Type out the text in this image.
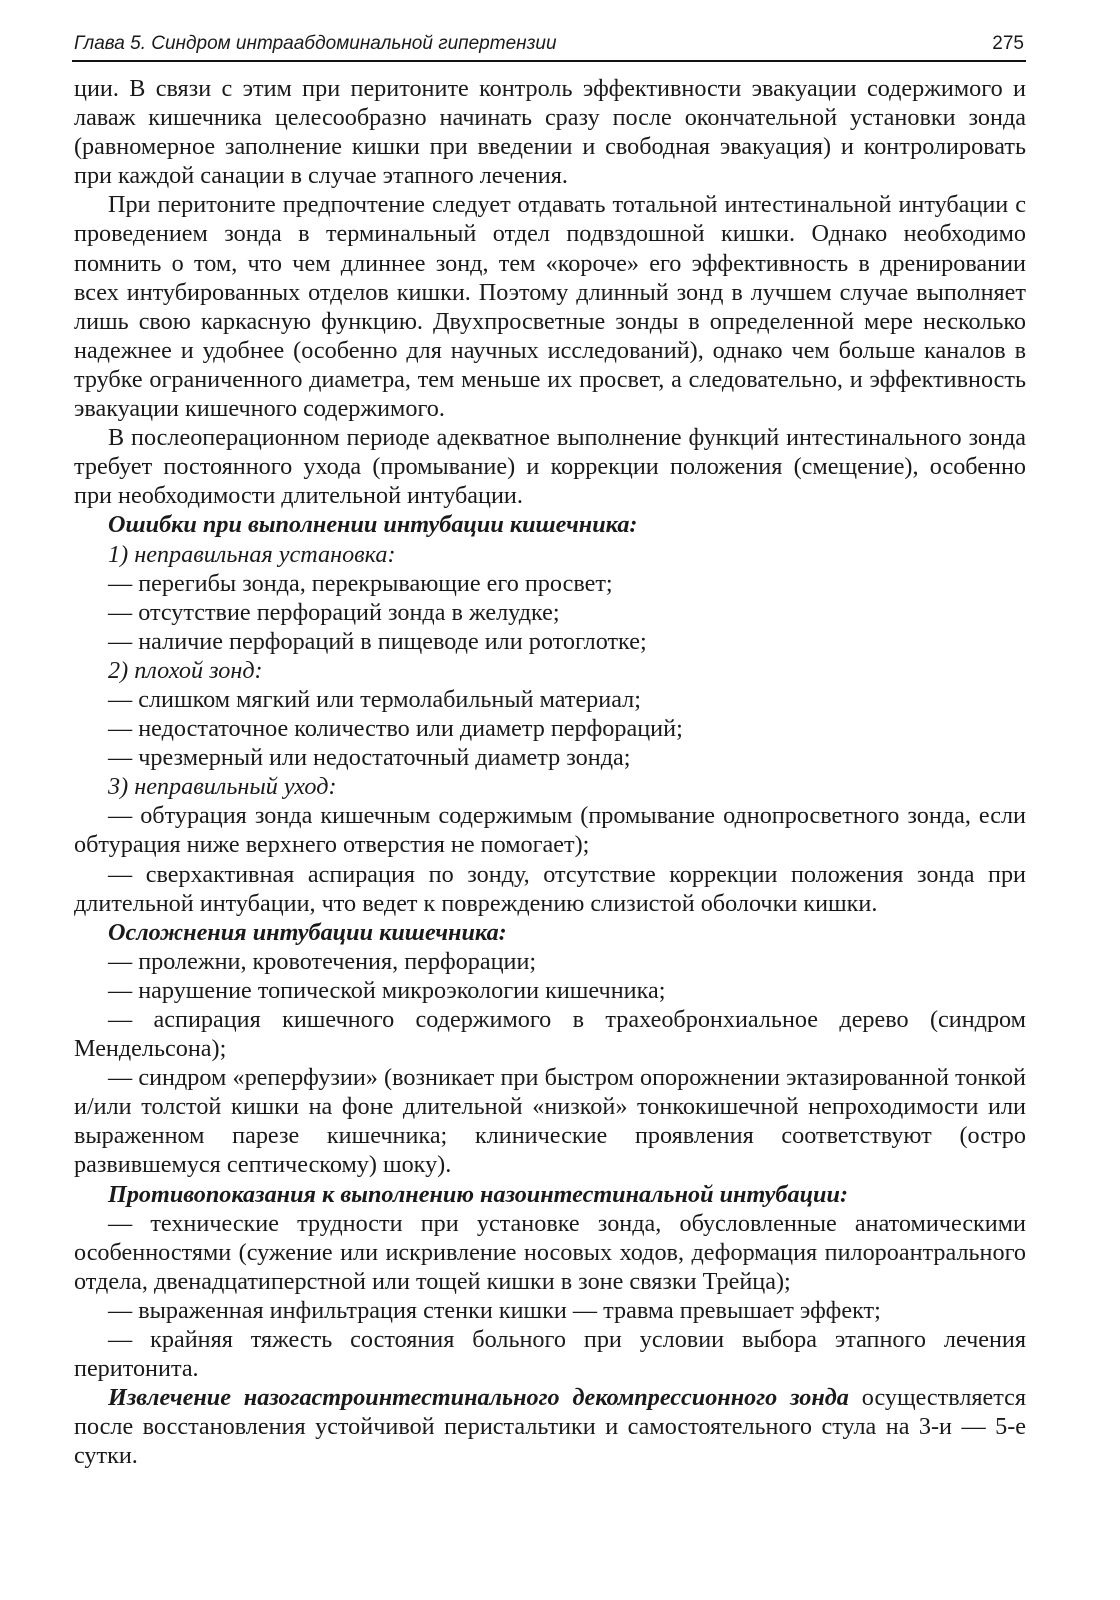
Глава 5. Синдром интраабдоминальной гипертензии	275

ции. В связи с этим при перитоните контроль эффективности эвакуации содержимого и лаваж кишечника целесообразно начинать сразу после окончательной установки зонда (равномерное заполнение кишки при введении и свободная эвакуация) и контролировать при каждой санации в случае этапного лечения.

При перитоните предпочтение следует отдавать тотальной интестинальной интубации с проведением зонда в терминальный отдел подвздошной кишки. Однако необходимо помнить о том, что чем длиннее зонд, тем «короче» его эффективность в дренировании всех интубированных отделов кишки. Поэтому длинный зонд в лучшем случае выполняет лишь свою каркасную функцию. Двухпросветные зонды в определенной мере несколько надежнее и удобнее (особенно для научных исследований), однако чем больше каналов в трубке ограниченного диаметра, тем меньше их просвет, а следовательно, и эффективность эвакуации кишечного содержимого.

В послеоперационном периоде адекватное выполнение функций интестинального зонда требует постоянного ухода (промывание) и коррекции положения (смещение), особенно при необходимости длительной интубации.

Ошибки при выполнении интубации кишечника:

1) неправильная установка:

— перегибы зонда, перекрывающие его просвет;

— отсутствие перфораций зонда в желудке;

— наличие перфораций в пищеводе или ротоглотке;

2) плохой зонд:

— слишком мягкий или термолабильный материал;

— недостаточное количество или диаметр перфораций;

— чрезмерный или недостаточный диаметр зонда;

3) неправильный уход:

— обтурация зонда кишечным содержимым (промывание однопросветного зонда, если обтурация ниже верхнего отверстия не помогает);

— сверхактивная аспирация по зонду, отсутствие коррекции положения зонда при длительной интубации, что ведет к повреждению слизистой оболочки кишки.

Осложнения интубации кишечника:

— пролежни, кровотечения, перфорации;

— нарушение топической микроэкологии кишечника;

— аспирация кишечного содержимого в трахеобронхиальное дерево (синдром Мендельсона);

— синдром «реперфузии» (возникает при быстром опорожнении эктазированной тонкой и/или толстой кишки на фоне длительной «низкой» тонкокишечной непроходимости или выраженном парезе кишечника; клинические проявления соответствуют (остро развившемуся септическому) шоку).

Противопоказания к выполнению назоинтестинальной интубации:

— технические трудности при установке зонда, обусловленные анатомическими особенностями (сужение или искривление носовых ходов, деформация пилороантрального отдела, двенадцатиперстной или тощей кишки в зоне связки Трейца);

— выраженная инфильтрация стенки кишки — травма превышает эффект;

— крайняя тяжесть состояния больного при условии выбора этапного лечения перитонита.

Извлечение назогастроинтестинального декомпрессионного зонда осуществляется после восстановления устойчивой перистальтики и самостоятельного стула на 3-и — 5-е сутки.
